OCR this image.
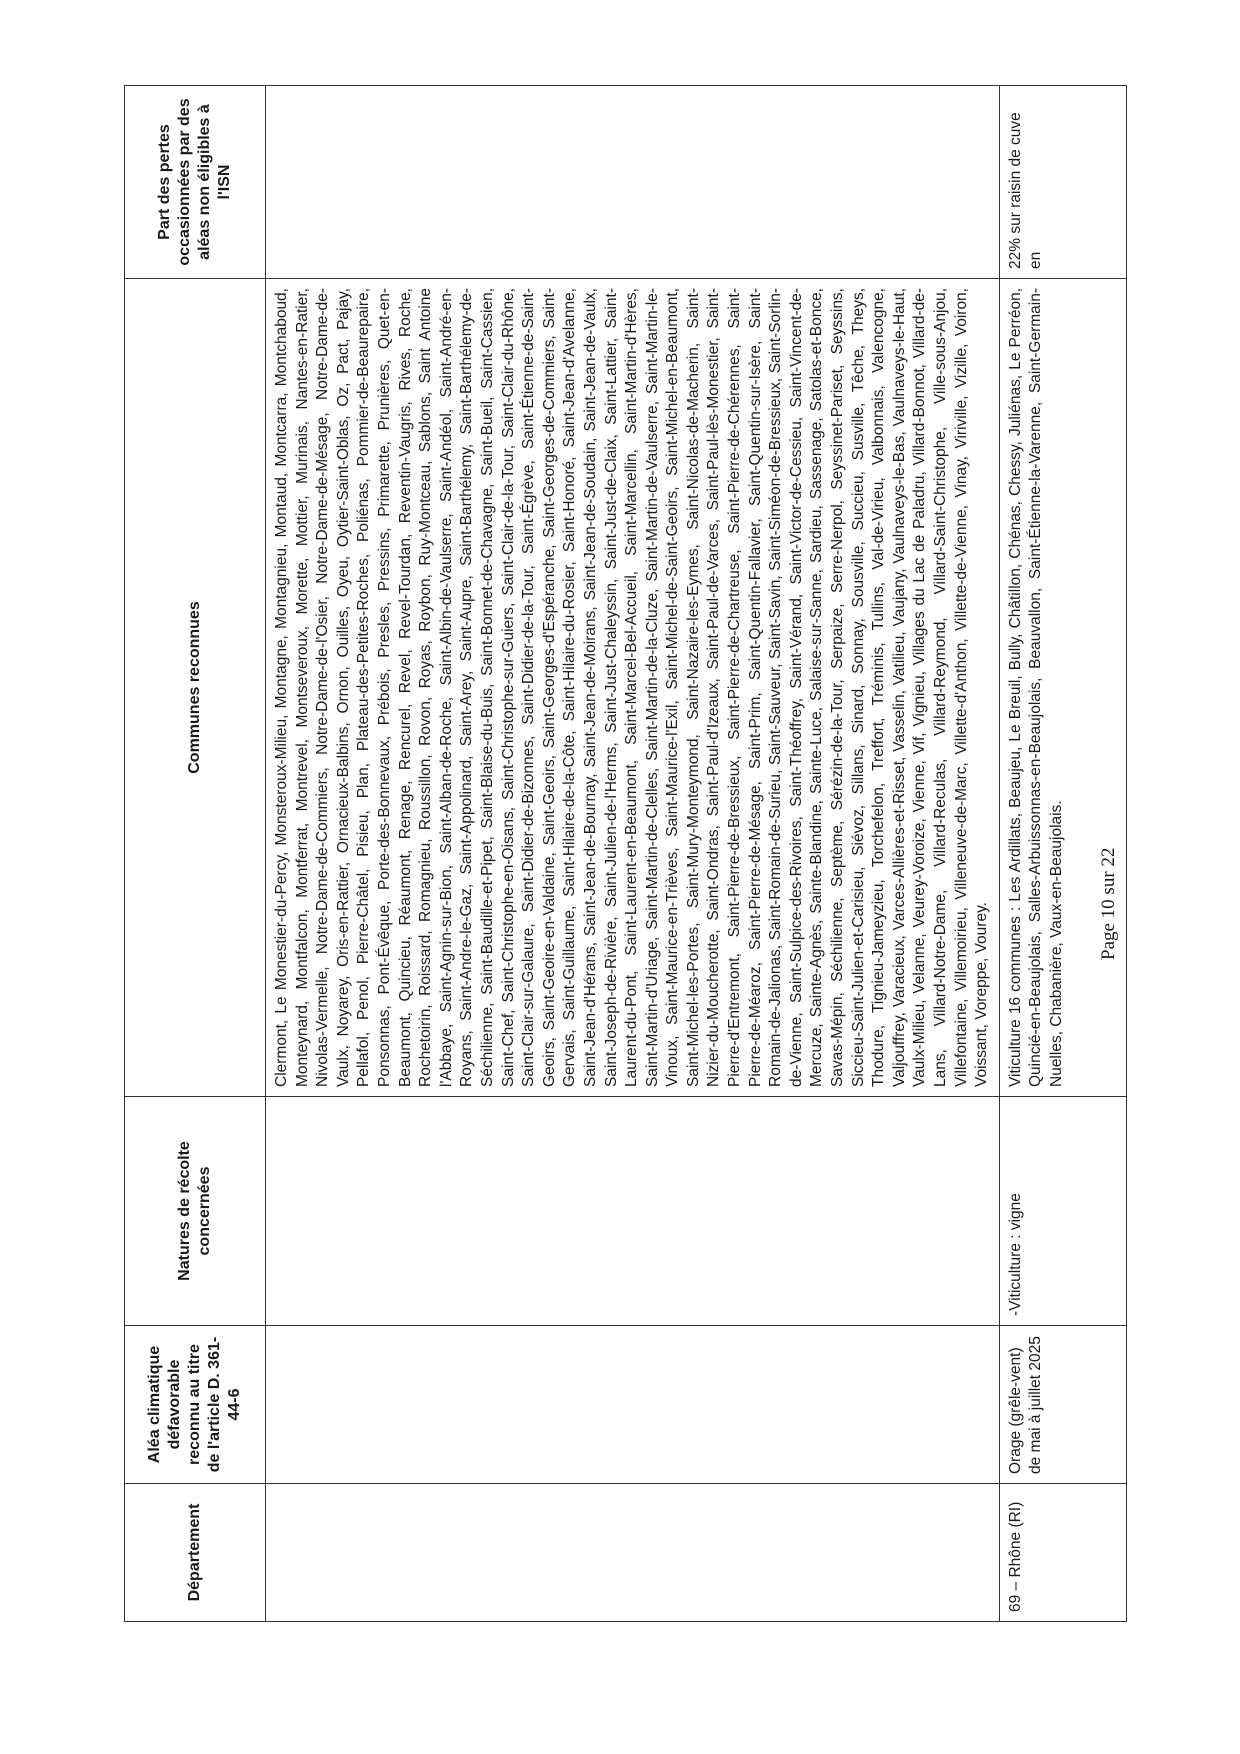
Département	Aléa climatique défavorable reconnu au titre de l'article D. 361-44-6	Natures de récolte concernées	Communes reconnues	Part des pertes occasionnées par des aléas non éligibles à l'ISN
			Clermont, Le Monestier-du-Percy, Monsteroux-Milieu, Montagne, Montagnieu, Montaud, Montcarra, Montchaboud, Monteynard, Montfalcon, Montferrat, Montrevel, Montseveroux, Morette, Mottier, Murinais, Nantes-en-Ratier, Nivolas-Vermelle, Notre-Dame-de-Commiers, Notre-Dame-de-l'Osier, Notre-Dame-de-Mésage, Notre-Dame-de-Vaulx, Noyarey, Oris-en-Rattier, Ornacieux-Balbins, Ornon, Ouilles, Oyeu, Oytier-Saint-Oblas, Oz, Pact, Pajay, Pellafol, Penol, Pierre-Châtel, Pisieu, Plan, Plateau-des-Petites-Roches, Poliénas, Pommier-de-Beaurepaire, Ponsonnas, Pont-Évêque, Porte-des-Bonnevaux, Prébois, Presles, Pressins, Primarette, Prunières, Quet-en-Beaumont, Quincieu, Réaumont, Renage, Rencurel, Revel, Revel-Tourdan, Reventin-Vaugris, Rives, Roche, Rochetoirin, Roissard, Romagnieu, Roussillon, Rovon, Royas, Roybon, Ruy-Montceau, Sablons, Saint Antoine l'Abbaye, Saint-Agnin-sur-Bion, Saint-Alban-de-Roche, Saint-Albin-de-Vaulserre, Saint-Andéol, Saint-André-en-Royans, Saint-Andre-le-Gaz, Saint-Appolinard, Saint-Arey, Saint-Aupre, Saint-Barthélemy, Saint-Barthélemy-de-Séchilienne, Saint-Baudille-et-Pipet, Saint-Blaise-du-Buis, Saint-Bonnet-de-Chavagne, Saint-Bueil, Saint-Cassien, Saint-Chef, Saint-Christophe-en-Oisans, Saint-Christophe-sur-Guiers, Saint-Clair-de-la-Tour, Saint-Clair-du-Rhône, Saint-Clair-sur-Galaure, Saint-Didier-de-Bizonnes, Saint-Didier-de-la-Tour, Saint-Égrève, Saint-Étienne-de-Saint-Geoirs, Saint-Geoire-en-Valdaine, Saint-Geoirs, Saint-Georges-d'Espéranche, Saint-Georges-de-Commiers, Saint-Gervais, Saint-Guillaume, Saint-Hilaire-de-la-Côte, Saint-Hilaire-du-Rosier, Saint-Honoré, Saint-Jean-d'Avelanne, Saint-Jean-d'Hérans, Saint-Jean-de-Bournay, Saint-Jean-de-Moirans, Saint-Jean-de-Soudain, Saint-Jean-de-Vaulx, Saint-Joseph-de-Rivière, Saint-Julien-de-l'Herms, Saint-Just-Chaleyssin, Saint-Just-de-Claix, Saint-Lattier, Saint-Laurent-du-Pont, Saint-Laurent-en-Beaumont, Saint-Marcel-Bel-Accueil, Saint-Marcellin, Saint-Martin-d'Hères, Saint-Martin-d'Uriage, Saint-Martin-de-Clelles, Saint-Martin-de-la-Cluze, Saint-Martin-de-Vaulserre, Saint-Martin-le-Vinoux, Saint-Maurice-en-Trièves, Saint-Maurice-l'Exil, Saint-Michel-de-Saint-Geoirs, Saint-Michel-en-Beaumont, Saint-Michel-les-Portes, Saint-Mury-Monteymond, Saint-Nazaire-les-Eymes, Saint-Nicolas-de-Macherin, Saint-Nizier-du-Moucherotte, Saint-Ondras, Saint-Paul-d'Izeaux, Saint-Paul-de-Varces, Saint-Paul-lès-Monestier, Saint-Pierre-d'Entremont, Saint-Pierre-de-Bressieux, Saint-Pierre-de-Chartreuse, Saint-Pierre-de-Chérennes, Saint-Pierre-de-Méaroz, Saint-Pierre-de-Mésage, Saint-Prim, Saint-Quentin-Fallavier, Saint-Quentin-sur-Isère, Saint-Romain-de-Jalionas, Saint-Romain-de-Surieu, Saint-Sauveur, Saint-Savin, Saint-Siméon-de-Bressieux, Saint-Sorlin-de-Vienne, Saint-Sulpice-des-Rivoires, Saint-Théoffrey, Saint-Vérand, Saint-Victor-de-Cessieu, Saint-Vincent-de-Mercuze, Sainte-Agnès, Sainte-Blandine, Sainte-Luce, Salaise-sur-Sanne, Sardieu, Sassenage, Satolas-et-Bonce, Savas-Mépin, Séchilienne, Septème, Sérézin-de-la-Tour, Serpaize, Serre-Nerpol, Seyssinet-Pariset, Seyssins, Siccieu-Saint-Julien-et-Carisieu, Siévoz, Sillans, Sinard, Sonnay, Sousville, Succieu, Susville, Têche, Theys, Thodure, Tignieu-Jameyzieu, Torchefelon, Treffort, Tréminis, Tullins, Val-de-Virieu, Valbonnais, Valencogne, Valjouffrey, Varacieux, Varces-Allières-et-Risset, Vasselin, Vatilieu, Vaujany, Vaulnaveys-le-Bas, Vaulnaveys-le-Haut, Vaulx-Milieu, Velanne, Veurey-Voroize, Vienne, Vif, Vignieu, Villages du Lac de Paladru, Villard-Bonnot, Villard-de-Lans, Villard-Notre-Dame, Villard-Reculas, Villard-Reymond, Villard-Saint-Christophe, Ville-sous-Anjou, Villefontaine, Villemoirieu, Villeneuve-de-Marc, Villette-d'Anthon, Villette-de-Vienne, Vinay, Viriville, Vizille, Voiron, Voissant, Voreppe, Vourey.	
69 – Rhône (RI)	Orage (grêle-vent) de mai à juillet 2025	-Viticulture : vigne	Viticulture 16 communes : Les Ardillats, Beaujeu, Le Breuil, Bully, Châtillon, Chénas, Chessy, Juliénas, Le Perréon, Quincié-en-Beaujolais, Salles-Arbuissonnas-en-Beaujolais, Beauvallon, Saint-Étienne-la-Varenne, Saint-Germain-Nuelles, Chabanière, Vaux-en-Beaujolais.	22% sur raisin de cuve en
Page 10 sur 22
